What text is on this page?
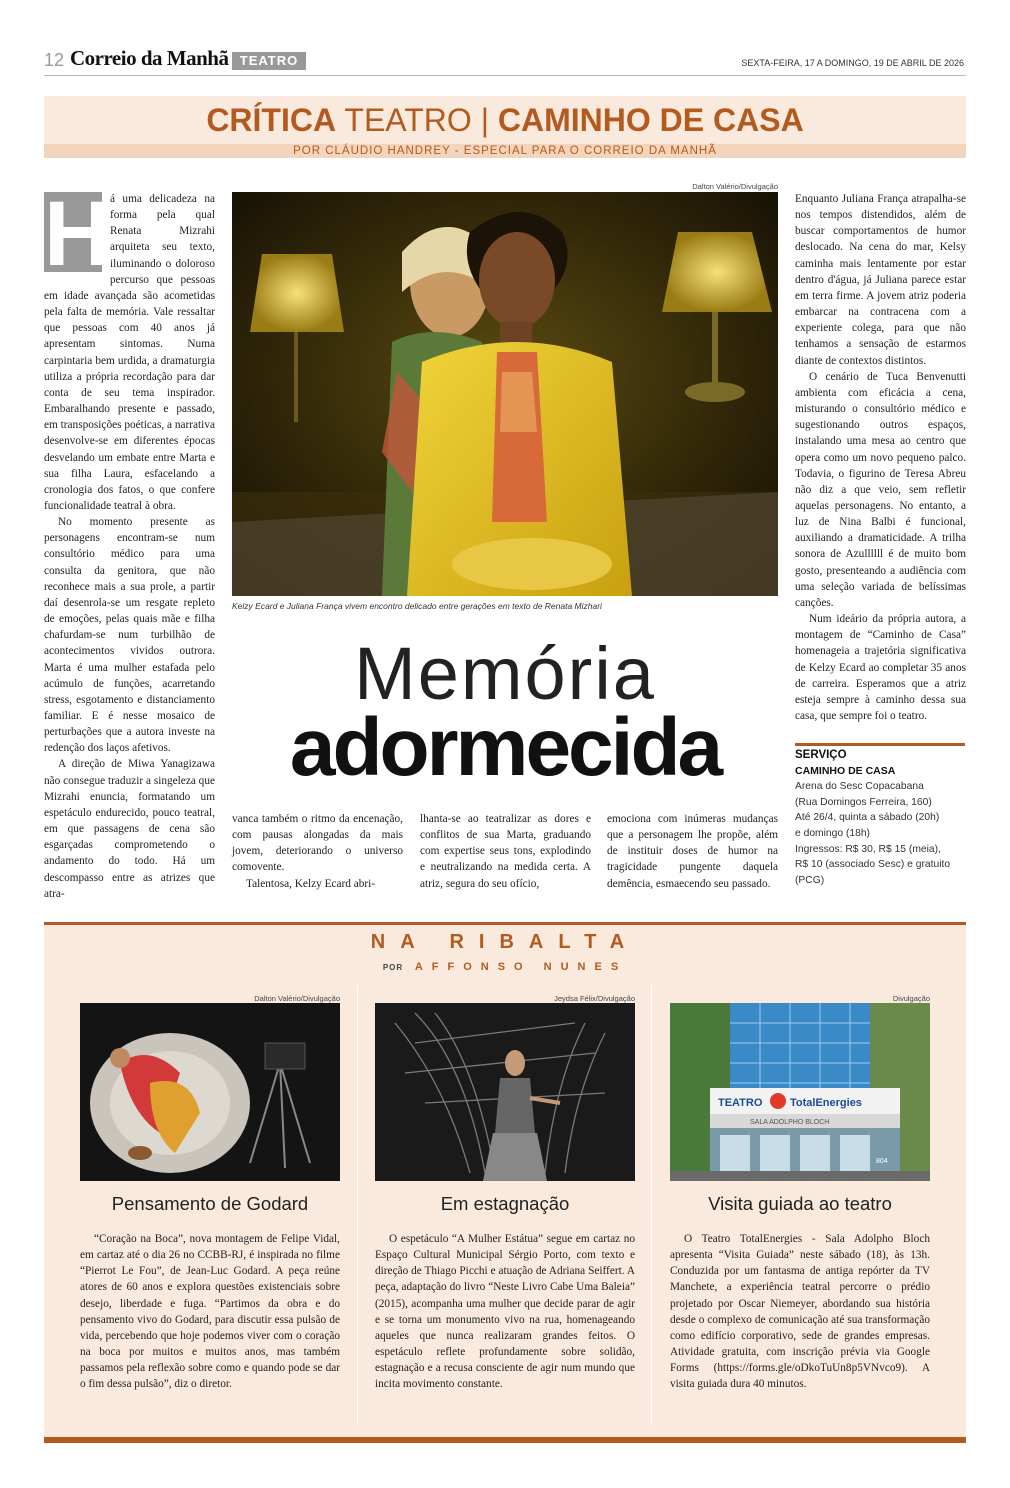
12 Correio da Manhã TEATRO	SEXTA-FEIRA, 17 A DOMINGO, 19 DE ABRIL DE 2026
CRÍTICA TEATRO | CAMINHO DE CASA
POR CLÁUDIO HANDREY - ESPECIAL PARA O CORREIO DA MANHÃ
H á uma delicadeza na forma pela qual Renata Mizrahi arquiteta seu texto, iluminando o doloroso percurso que pessoas em idade avançada são acometidas pela falta de memória. Vale ressaltar que pessoas com 40 anos já apresentam sintomas. Numa carpintaria bem urdida, a dramaturgia utiliza a própria recordação para dar conta de seu tema inspirador. Embaralhando presente e passado, em transposições poéticas, a narrativa desenvolve-se em diferentes épocas desvelando um embate entre Marta e sua filha Laura, esfacelando a cronologia dos fatos, o que confere funcionalidade teatral à obra.

No momento presente as personagens encontram-se num consultório médico para uma consulta da genitora, que não reconhece mais a sua prole, a partir daí desenrola-se um resgate repleto de emoções, pelas quais mãe e filha chafurdam-se num turbilhão de acontecimentos vividos outrora. Marta é uma mulher estafada pelo acúmulo de funções, acarretando stress, esgotamento e distanciamento familiar. E é nesse mosaico de perturbações que a autora investe na redenção dos laços afetivos.

A direção de Miwa Yanagizawa não consegue traduzir a singeleza que Mizrahi enuncia, formatando um espetáculo endurecido, pouco teatral, em que passagens de cena são esgarçadas comprometendo o andamento do todo. Há um descompasso entre as atrizes que atra-

Dalton Valério/Divulgação
Kelzy Ecard e Juliana França vivem encontro delicado entre gerações em texto de Renata Mizhari
Memória
adormecida

vanca também o ritmo da encenação, com pausas alongadas da mais jovem, deteriorando o universo comovente.

Talentosa, Kelzy Ecard abri-

lhanta-se ao teatralizar as dores e conflitos de sua Marta, graduando com expertise seus tons, explodindo e neutralizando na medida certa. A atriz, segura do seu ofício,

emociona com inúmeras mudanças que a personagem lhe propõe, além de instituir doses de humor na tragicidade pungente daquela demência, esmaecendo seu passado.

Enquanto Juliana França atrapalha-se nos tempos distendidos, além de buscar comportamentos de humor deslocado. Na cena do mar, Kelsy caminha mais lentamente por estar dentro d'água, já Juliana parece estar em terra firme. A jovem atriz poderia embarcar na contracena com a experiente colega, para que não tenhamos a sensação de estarmos diante de contextos distintos.

O cenário de Tuca Benvenutti ambienta com eficácia a cena, misturando o consultório médico e sugestionando outros espaços, instalando uma mesa ao centro que opera como um novo pequeno palco. Todavia, o figurino de Teresa Abreu não diz a que veio, sem refletir aquelas personagens. No entanto, a luz de Nina Balbi é funcional, auxiliando a dramaticidade. A trilha sonora de Azullllll é de muito bom gosto, presenteando a audiência com uma seleção variada de belíssimas canções.

Num ideário da própria autora, a montagem de “Caminho de Casa” homenageia a trajetória significativa de Kelzy Ecard ao completar 35 anos de carreira. Esperamos que a atriz esteja sempre à caminho dessa sua casa, que sempre foi o teatro.

SERVIÇO
CAMINHO DE CASA
Arena do Sesc Copacabana
(Rua Domingos Ferreira, 160)
Até 26/4, quinta a sábado (20h)
e domingo (18h)
Ingressos: R$ 30, R$ 15 (meia),
R$ 10 (associado Sesc) e gratuito
(PCG)
NA RIBALTA
POR AFFONSO NUNES
Dalton Valério/Divulgação
Pensamento de Godard

“Coração na Boca”, nova montagem de Felipe Vidal, em cartaz até o dia 26 no CCBB-RJ, é inspirada no filme “Pierrot Le Fou”, de Jean-Luc Godard. A peça reúne atores de 60 anos e explora questões existenciais sobre desejo, liberdade e fuga. “Partimos da obra e do pensamento vivo do Godard, para discutir essa pulsão de vida, percebendo que hoje podemos viver com o coração na boca por muitos e muitos anos, mas também passamos pela reflexão sobre como e quando pode se dar o fim dessa pulsão”, diz o diretor.

Jeydsa Félix/Divulgação
Em estagnação

O espetáculo “A Mulher Estátua” segue em cartaz no Espaço Cultural Municipal Sérgio Porto, com texto e direção de Thiago Picchi e atuação de Adriana Seiffert. A peça, adaptação do livro “Neste Livro Cabe Uma Baleia” (2015), acompanha uma mulher que decide parar de agir e se torna um monumento vivo na rua, homenageando aqueles que nunca realizaram grandes feitos. O espetáculo reflete profundamente sobre solidão, estagnação e a recusa consciente de agir num mundo que incita movimento constante.

Divulgação
TEATRO	TotalEnergies
SALA ADOLPHO BLOCH
804
Visita guiada ao teatro

O Teatro TotalEnergies - Sala Adolpho Bloch apresenta “Visita Guiada” neste sábado (18), às 13h. Conduzida por um fantasma de antiga repórter da TV Manchete, a experiência teatral percorre o prédio projetado por Oscar Niemeyer, abordando sua história desde o complexo de comunicação até sua transformação como edifício corporativo, sede de grandes empresas. Atividade gratuita, com inscrição prévia via Google Forms (https://forms.gle/oDkoTuUn8p5VNvco9). A visita guiada dura 40 minutos.
